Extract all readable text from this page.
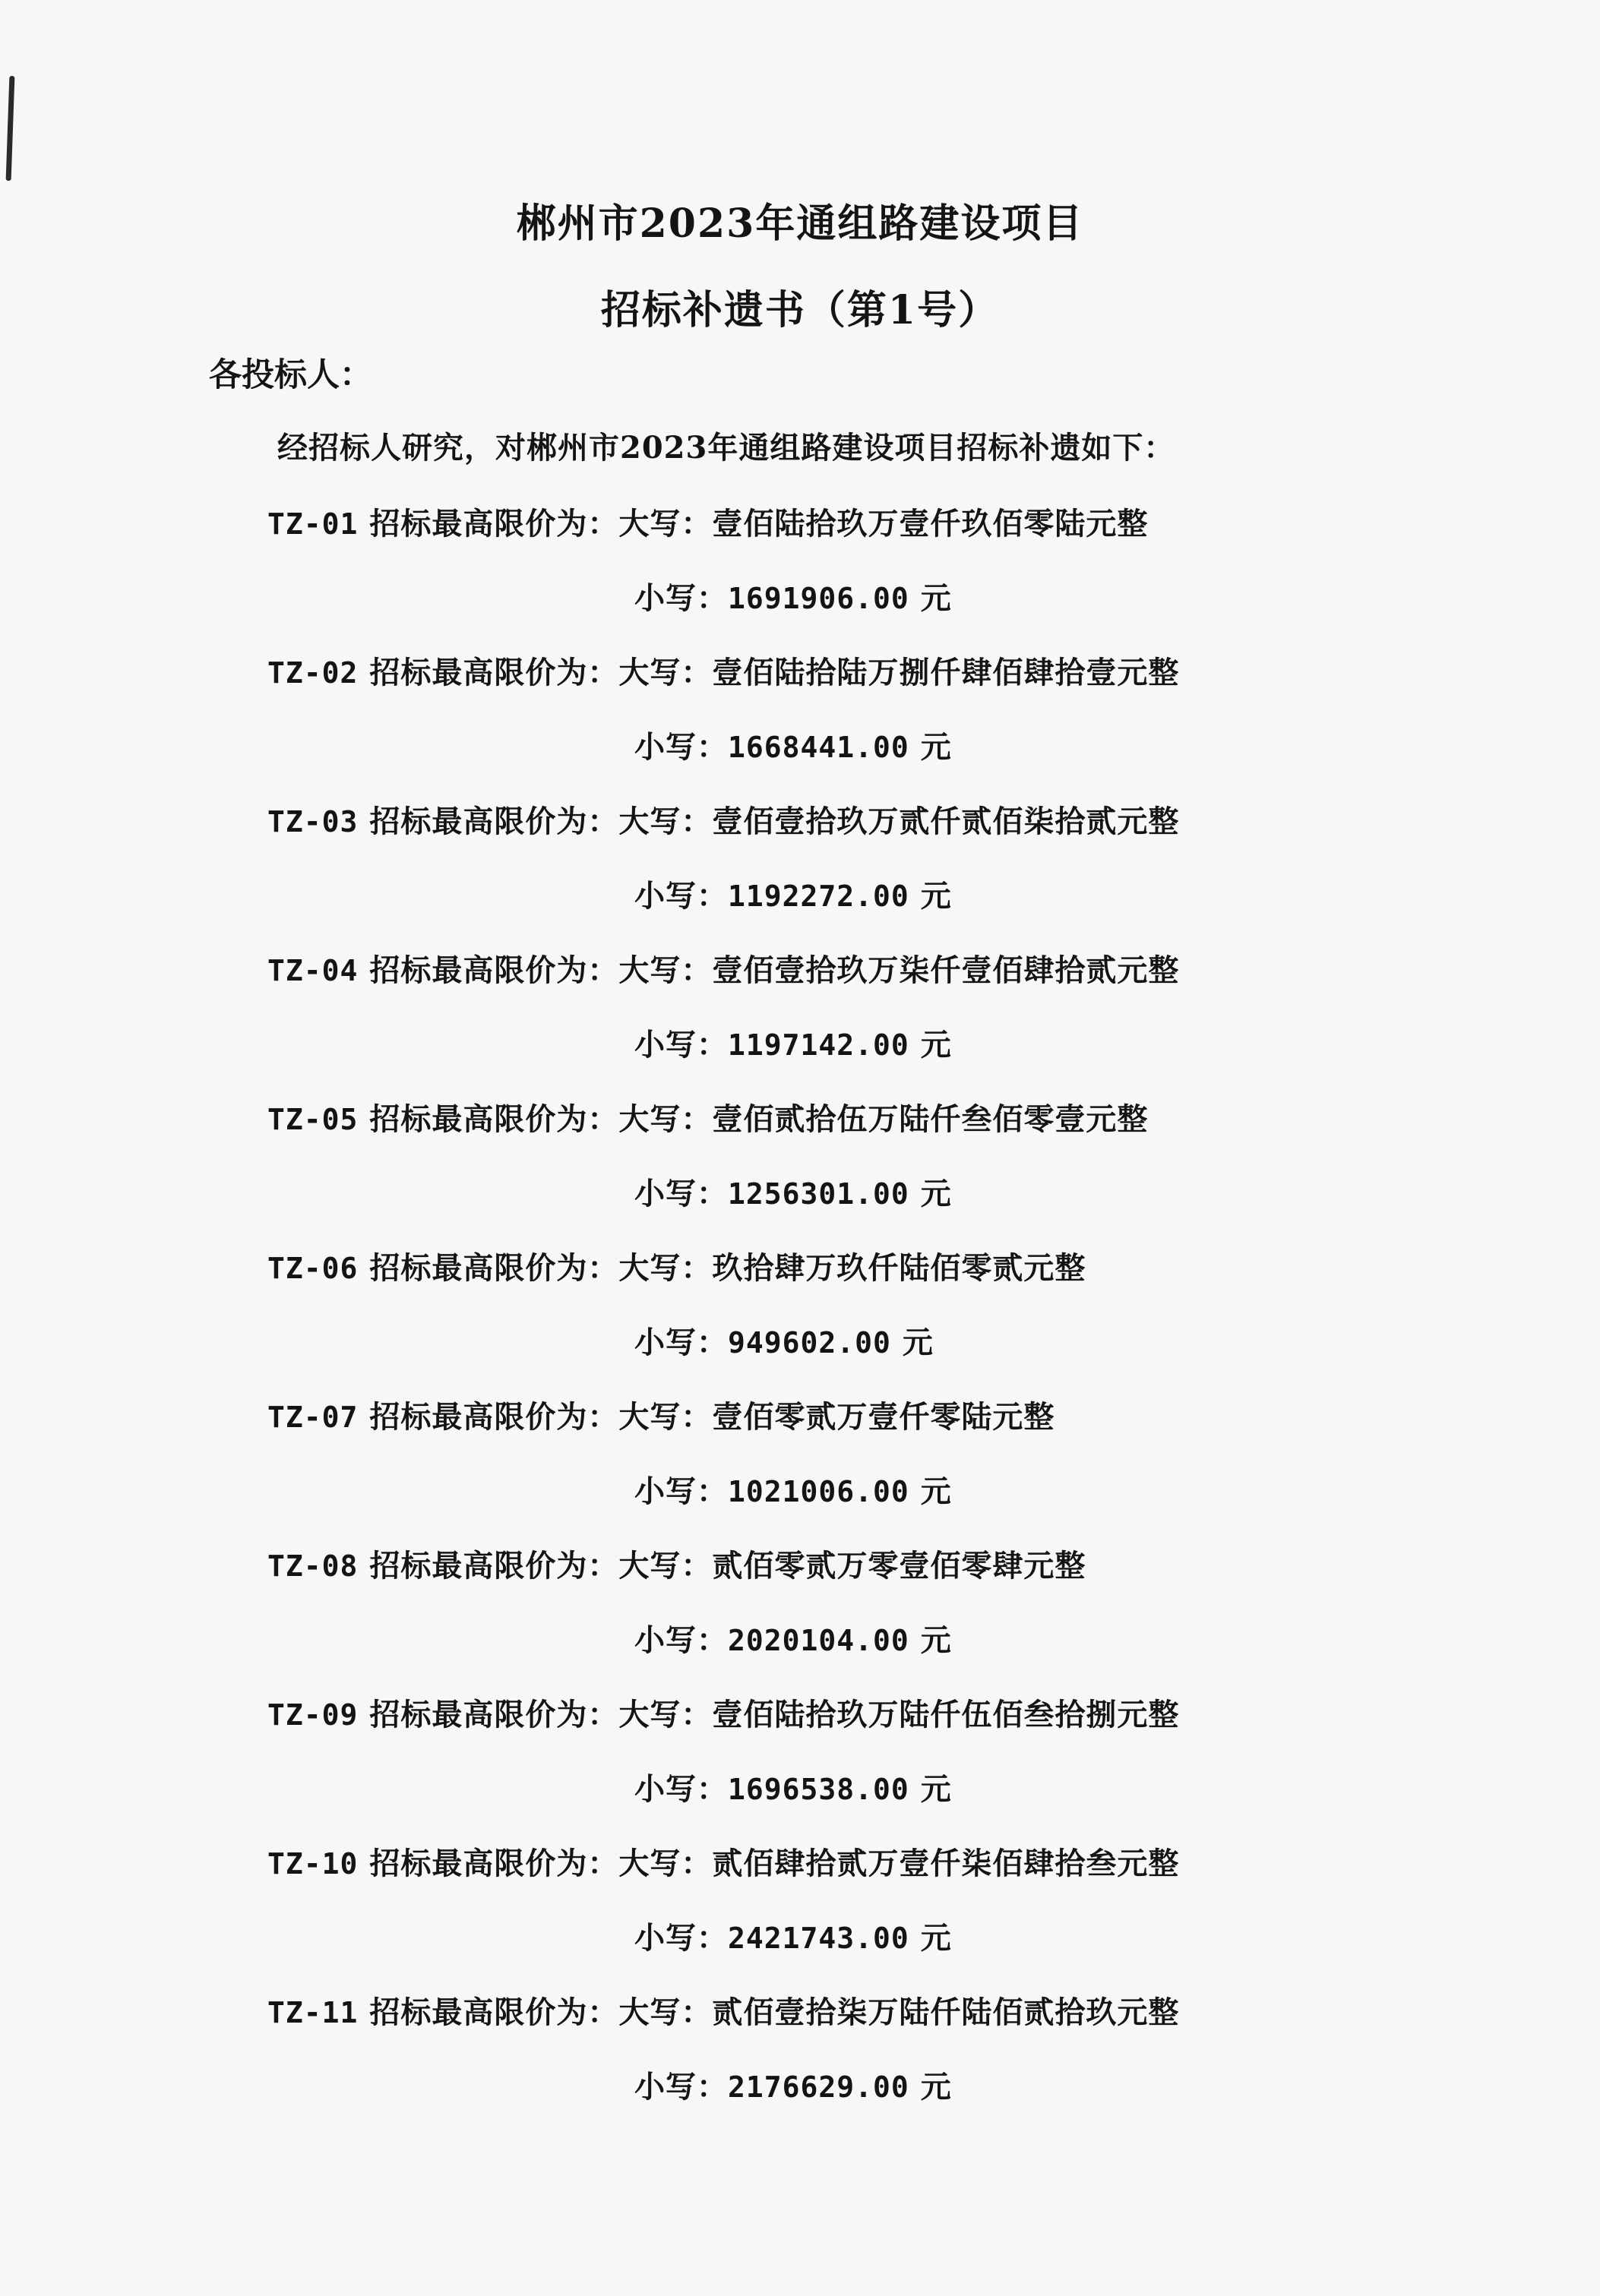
郴州市2023年通组路建设项目
招标补遗书（第1号）
各投标人：
经招标人研究，对郴州市2023年通组路建设项目招标补遗如下：
TZ-01 招标最高限价为：大写：壹佰陆拾玖万壹仟玖佰零陆元整
小写：1691906.00 元
TZ-02 招标最高限价为：大写：壹佰陆拾陆万捌仟肆佰肆拾壹元整
小写：1668441.00 元
TZ-03 招标最高限价为：大写：壹佰壹拾玖万贰仟贰佰柒拾贰元整
小写：1192272.00 元
TZ-04 招标最高限价为：大写：壹佰壹拾玖万柒仟壹佰肆拾贰元整
小写：1197142.00 元
TZ-05 招标最高限价为：大写：壹佰贰拾伍万陆仟叁佰零壹元整
小写：1256301.00 元
TZ-06 招标最高限价为：大写：玖拾肆万玖仟陆佰零贰元整
小写：949602.00 元
TZ-07 招标最高限价为：大写：壹佰零贰万壹仟零陆元整
小写：1021006.00 元
TZ-08 招标最高限价为：大写：贰佰零贰万零壹佰零肆元整
小写：2020104.00 元
TZ-09 招标最高限价为：大写：壹佰陆拾玖万陆仟伍佰叁拾捌元整
小写：1696538.00 元
TZ-10 招标最高限价为：大写：贰佰肆拾贰万壹仟柒佰肆拾叁元整
小写：2421743.00 元
TZ-11 招标最高限价为：大写：贰佰壹拾柒万陆仟陆佰贰拾玖元整
小写：2176629.00 元
